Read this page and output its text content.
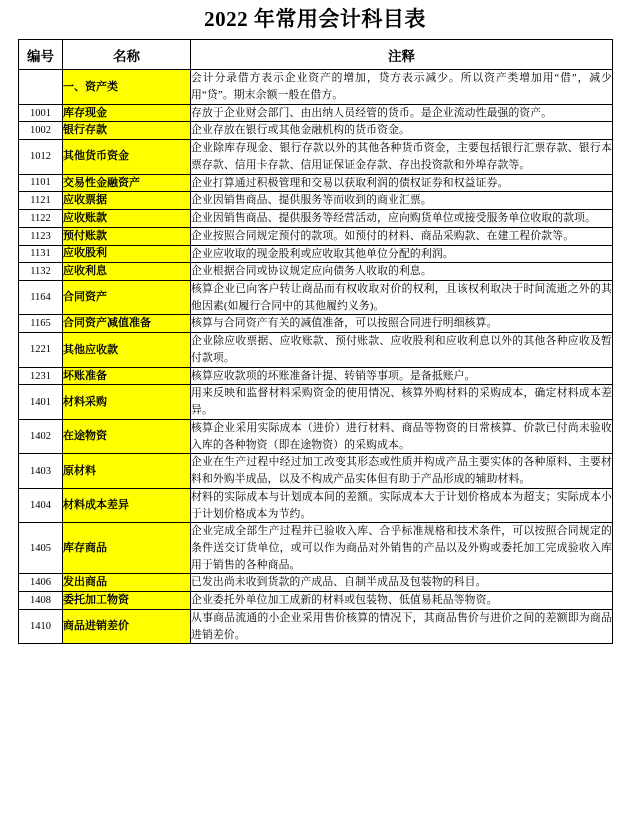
2022 年常用会计科目表
编号	名称	注释
	一、资产类	会计分录借方表示企业资产的增加，贷方表示减少。所以资产类增加用“借”，减少用“贷”。期末余额一般在借方。
1001	库存现金	存放于企业财会部门、由出纳人员经管的货币。是企业流动性最强的资产。
1002	银行存款	企业存放在银行或其他金融机构的货币资金。
1012	其他货币资金	企业除库存现金、银行存款以外的其他各种货币资金，主要包括银行汇票存款、银行本票存款、信用卡存款、信用证保证金存款、存出投资款和外埠存款等。
1101	交易性金融资产	企业打算通过积极管理和交易以获取利润的债权证券和权益证券。
1121	应收票据	企业因销售商品、提供服务等而收到的商业汇票。
1122	应收账款	企业因销售商品、提供服务等经营活动，应向购货单位或接受服务单位收取的款项。
1123	预付账款	企业按照合同规定预付的款项。如预付的材料、商品采购款、在建工程价款等。
1131	应收股利	企业应收取的现金股利或应收取其他单位分配的利润。
1132	应收利息	企业根据合同或协议规定应向债务人收取的利息。
1164	合同资产	核算企业已向客户转让商品而有权收取对价的权利，且该权利取决于时间流逝之外的其他因素(如履行合同中的其他履约义务)。
1165	合同资产减值准备	核算与合同资产有关的减值准备，可以按照合同进行明细核算。
1221	其他应收款	企业除应收票据、应收账款、预付账款、应收股利和应收利息以外的其他各种应收及暂付款项。
1231	坏账准备	核算应收款项的坏账准备计提、转销等事项。是备抵账户。
1401	材料采购	用来反映和监督材料采购资金的使用情况、核算外购材料的采购成本，确定材料成本差异。
1402	在途物资	核算企业采用实际成本（进价）进行材料、商品等物资的日常核算、价款已付尚未验收入库的各种物资（即在途物资）的采购成本。
1403	原材料	企业在生产过程中经过加工改变其形态或性质并构成产品主要实体的各种原料、主要材料和外购半成品，以及不构成产品实体但有助于产品形成的辅助材料。
1404	材料成本差异	材料的实际成本与计划成本间的差额。实际成本大于计划价格成本为超支；实际成本小于计划价格成本为节约。
1405	库存商品	企业完成全部生产过程并已验收入库、合乎标准规格和技术条件，可以按照合同规定的条件送交订货单位，或可以作为商品对外销售的产品以及外购或委托加工完成验收入库用于销售的各种商品。
1406	发出商品	已发出尚未收到货款的产成品、自制半成品及包装物的科目。
1408	委托加工物资	企业委托外单位加工成新的材料或包装物、低值易耗品等物资。
1410	商品进销差价	从事商品流通的小企业采用售价核算的情况下，其商品售价与进价之间的差额即为商品进销差价。
